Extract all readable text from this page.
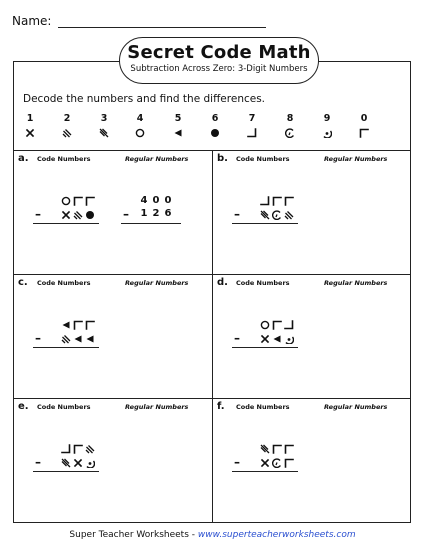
Name:
Secret Code Math
Subtraction Across Zero: 3-Digit Numbers
Decode the numbers and find the differences.
1	2	3	4	5	6	7	8	9	0
a. Code Numbers	Regular Numbers
–
4 0 0
– 1 2 6
b. Code Numbers	Regular Numbers
–
c. Code Numbers	Regular Numbers
–
d. Code Numbers	Regular Numbers
–
e. Code Numbers	Regular Numbers
–
f. Code Numbers	Regular Numbers
–
Super Teacher Worksheets - www.superteacherworksheets.com
